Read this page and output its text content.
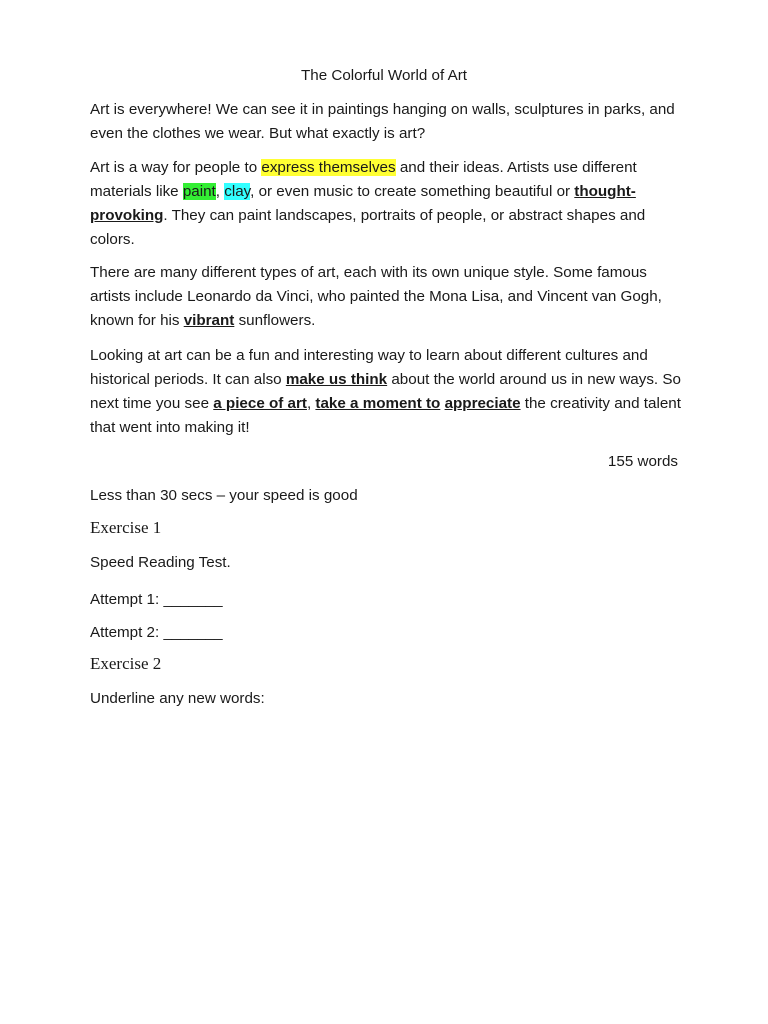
The Colorful World of Art

Art is everywhere! We can see it in paintings hanging on walls, sculptures in parks, and even the clothes we wear. But what exactly is art?

Art is a way for people to express themselves and their ideas. Artists use different materials like paint, clay, or even music to create something beautiful or thought-provoking. They can paint landscapes, portraits of people, or abstract shapes and colors.

There are many different types of art, each with its own unique style. Some famous artists include Leonardo da Vinci, who painted the Mona Lisa, and Vincent van Gogh, known for his vibrant sunflowers.

Looking at art can be a fun and interesting way to learn about different cultures and historical periods. It can also make us think about the world around us in new ways. So next time you see a piece of art, take a moment to appreciate the creativity and talent that went into making it!

155 words

Less than 30 secs – your speed is good

Exercise 1

Speed Reading Test.

Attempt 1: _______

Attempt 2: _______

Exercise 2

Underline any new words:
